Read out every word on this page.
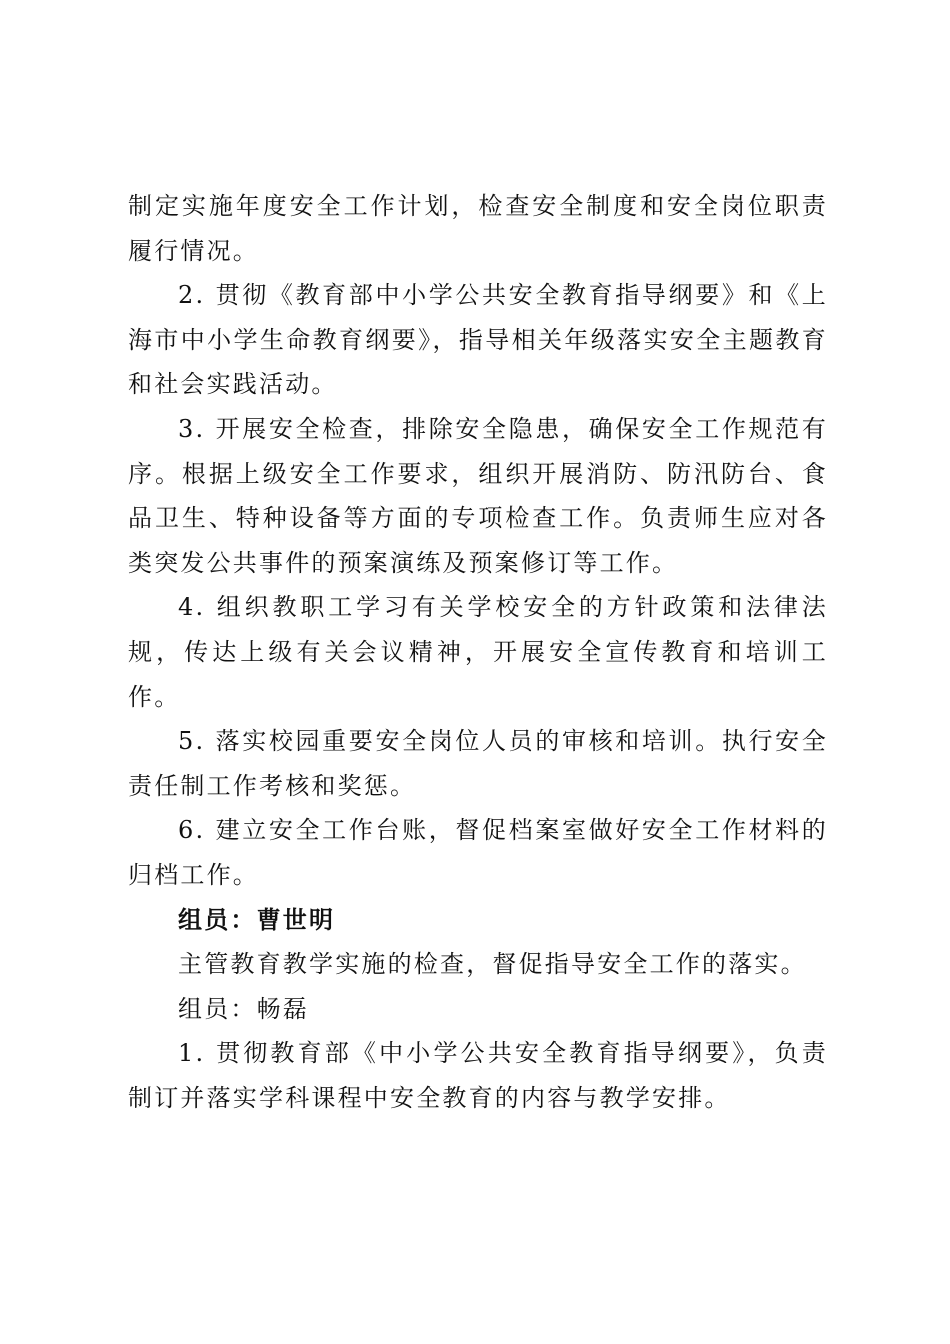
制定实施年度安全工作计划，检查安全制度和安全岗位职责履行情况。

2. 贯彻《教育部中小学公共安全教育指导纲要》和《上海市中小学生命教育纲要》，指导相关年级落实安全主题教育和社会实践活动。

3. 开展安全检查，排除安全隐患，确保安全工作规范有序。根据上级安全工作要求，组织开展消防、防汛防台、食品卫生、特种设备等方面的专项检查工作。负责师生应对各类突发公共事件的预案演练及预案修订等工作。

4. 组织教职工学习有关学校安全的方针政策和法律法规，传达上级有关会议精神，开展安全宣传教育和培训工作。

5. 落实校园重要安全岗位人员的审核和培训。执行安全责任制工作考核和奖惩。

6. 建立安全工作台账，督促档案室做好安全工作材料的归档工作。

组员：曹世明

主管教育教学实施的检查，督促指导安全工作的落实。

组员：畅磊

1. 贯彻教育部《中小学公共安全教育指导纲要》，负责制订并落实学科课程中安全教育的内容与教学安排。
